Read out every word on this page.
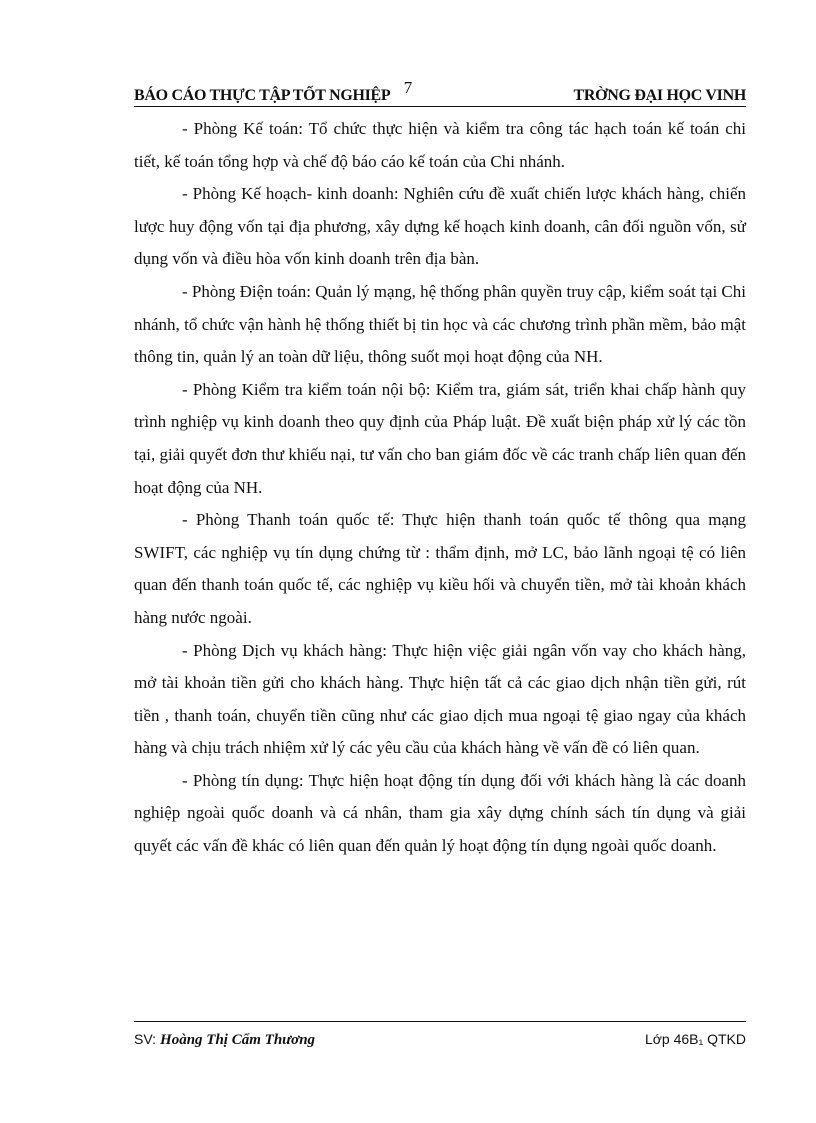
7
BÁO CÁO THỰC TẬP TỐT NGHIỆP	TRỜNG ĐẠI HỌC VINH

- Phòng Kế toán: Tổ chức thực hiện và kiểm tra công tác hạch toán kế toán chi tiết, kế toán tổng hợp và chế độ báo cáo kế toán của Chi nhánh.

- Phòng Kế hoạch- kinh doanh: Nghiên cứu đề xuất chiến lược khách hàng, chiến lược huy động vốn tại địa phương, xây dựng kế hoạch kinh doanh, cân đối nguồn vốn, sử dụng vốn và điều hòa vốn kinh doanh trên địa bàn.

- Phòng Điện toán: Quản lý mạng, hệ thống phân quyền truy cập, kiểm soát tại Chi nhánh, tổ chức vận hành hệ thống thiết bị tin học và các chương trình phần mềm, bảo mật thông tin, quản lý an toàn dữ liệu, thông suốt mọi hoạt động của NH.

- Phòng Kiểm tra kiểm toán nội bộ: Kiểm tra, giám sát, triển khai chấp hành quy trình nghiệp vụ kinh doanh theo quy định của Pháp luật. Đề xuất biện pháp xử lý các tồn tại, giải quyết đơn thư khiếu nại, tư vấn cho ban giám đốc về các tranh chấp liên quan đến hoạt động của NH.

- Phòng Thanh toán quốc tế: Thực hiện thanh toán quốc tế thông qua mạng SWIFT, các nghiệp vụ tín dụng chứng từ : thẩm định, mở LC, bảo lãnh ngoại tệ có liên quan đến thanh toán quốc tế, các nghiệp vụ kiều hối và chuyển tiền, mở tài khoản khách hàng nước ngoài.

- Phòng Dịch vụ khách hàng: Thực hiện việc giải ngân vốn vay cho khách hàng, mở tài khoản tiền gửi cho khách hàng. Thực hiện tất cả các giao dịch nhận tiền gửi, rút tiền , thanh toán, chuyển tiền cũng như các giao dịch mua ngoại tệ giao ngay của khách hàng và chịu trách nhiệm xử lý các yêu cầu của khách hàng về vấn đề có liên quan.

- Phòng tín dụng: Thực hiện hoạt động tín dụng đối với khách hàng là các doanh nghiệp ngoài quốc doanh và cá nhân, tham gia xây dựng chính sách tín dụng và giải quyết các vấn đề khác có liên quan đến quản lý hoạt động tín dụng ngoài quốc doanh.

SV: Hoàng Thị Cẩm Thương	Lớp 46B₁ QTKD
